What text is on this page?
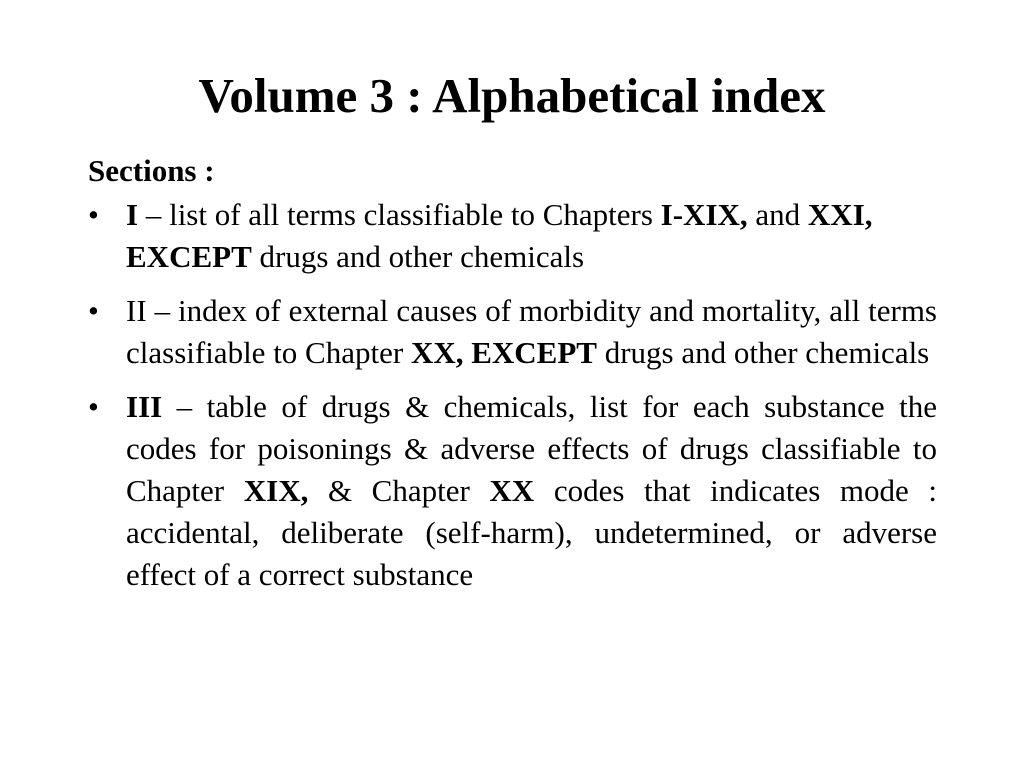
Volume 3 : Alphabetical index

Sections :

• I – list of all terms classifiable to Chapters I-XIX, and XXI, EXCEPT drugs and other chemicals
• II – index of external causes of morbidity and mortality, all terms classifiable to Chapter XX, EXCEPT drugs and other chemicals
• III – table of drugs & chemicals, list for each substance the codes for poisonings & adverse effects of drugs classifiable to Chapter XIX, & Chapter XX codes that indicates mode : accidental, deliberate (self-harm), undetermined, or adverse effect of a correct substance
